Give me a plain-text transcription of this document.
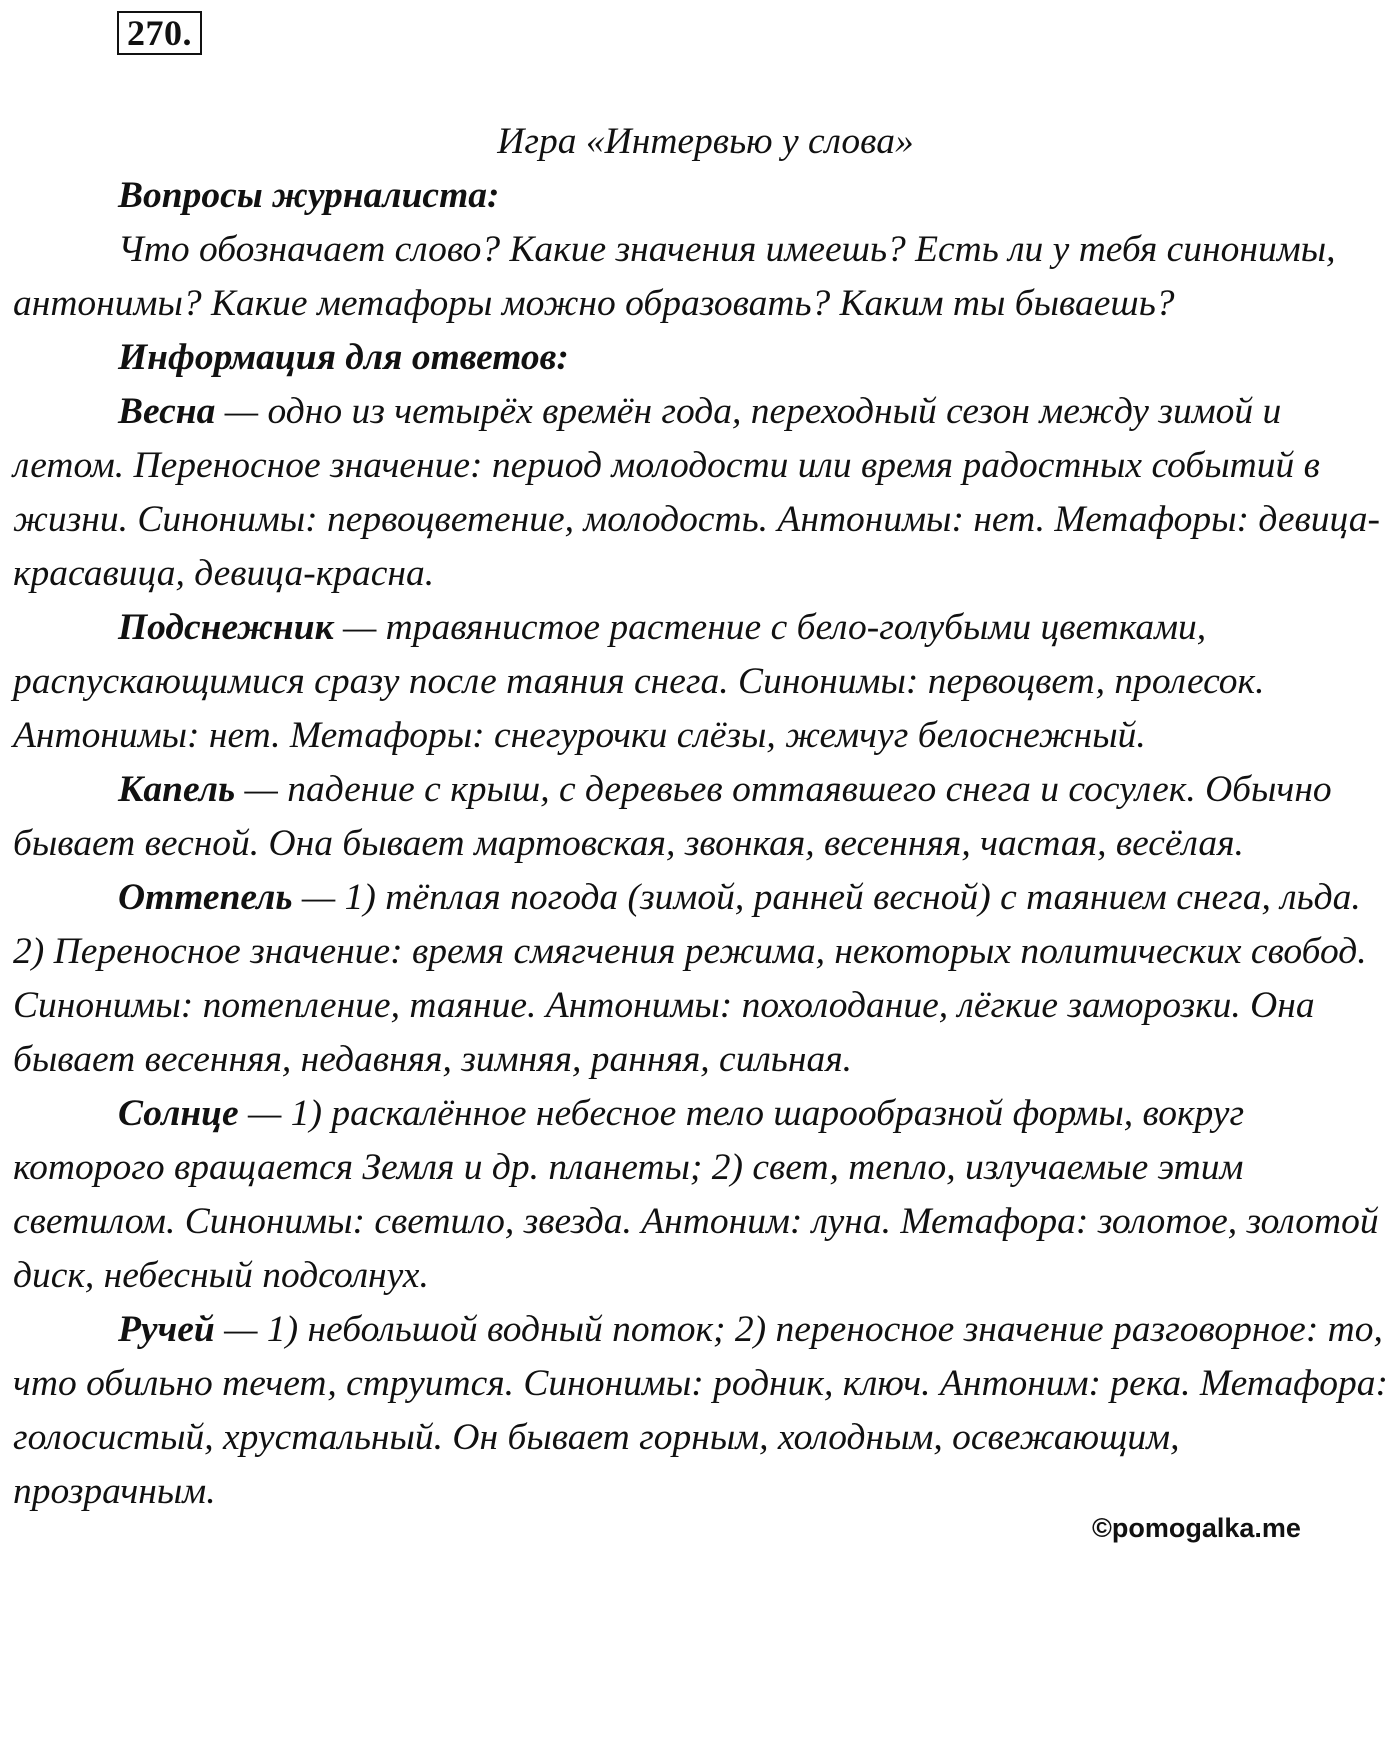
270.

Игра «Интервью у слова»

Вопросы журналиста:

Что обозначает слово? Какие значения имеешь? Есть ли у тебя синонимы, антонимы? Какие метафоры можно образовать? Каким ты бываешь?

Информация для ответов:

Весна — одно из четырёх времён года, переходный сезон между зимой и летом. Переносное значение: период молодости или время радостных событий в жизни. Синонимы: первоцветение, молодость. Антонимы: нет. Метафоры: девица-красавица, девица-красна.

Подснежник — травянистое растение с бело-голубыми цветками, распускающимися сразу после таяния снега. Синонимы: первоцвет, пролесок. Антонимы: нет. Метафоры: снегурочки слёзы, жемчуг белоснежный.

Капель — падение с крыш, с деревьев оттаявшего снега и сосулек. Обычно бывает весной. Она бывает мартовская, звонкая, весенняя, частая, весёлая.

Оттепель — 1) тёплая погода (зимой, ранней весной) с таянием снега, льда. 2) Переносное значение: время смягчения режима, некоторых политических свобод. Синонимы: потепление, таяние. Антонимы: похолодание, лёгкие заморозки. Она бывает весенняя, недавняя, зимняя, ранняя, сильная.

Солнце — 1) раскалённое небесное тело шарообразной формы, вокруг которого вращается Земля и др. планеты; 2) свет, тепло, излучаемые этим светилом. Синонимы: светило, звезда. Антоним: луна. Метафора: золотое, золотой диск, небесный подсолнух.

Ручей — 1) небольшой водный поток; 2) переносное значение разговорное: то, что обильно течет, струится. Синонимы: родник, ключ. Антоним: река. Метафора: голосистый, хрустальный. Он бывает горным, холодным, освежающим, прозрачным.

©pomogalka.me
